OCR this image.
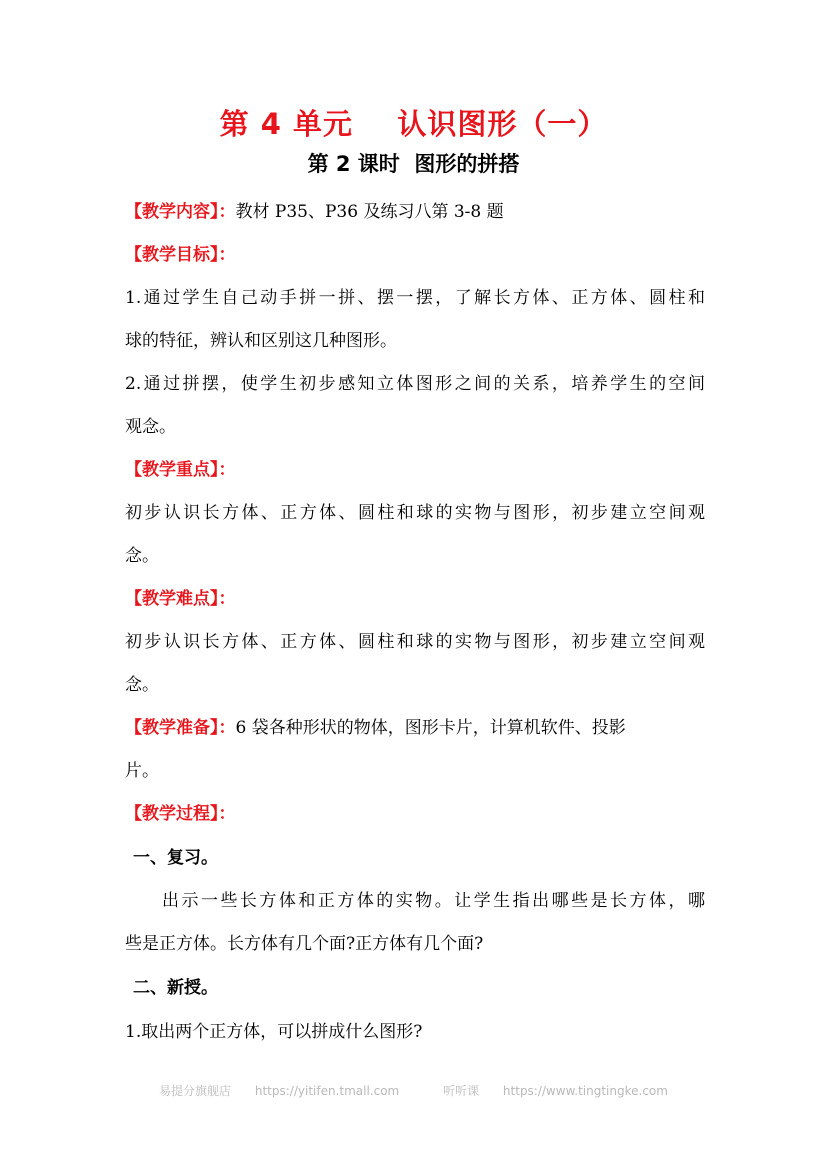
第 4 单元    认识图形（一）
第 2 课时  图形的拼搭
【教学内容】：教材 P35、P36 及练习八第 3-8 题
【教学目标】：
1.通过学生自己动手拼一拼、摆一摆，了解长方体、正方体、圆柱和
球的特征，辨认和区别这几种图形。
2.通过拼摆，使学生初步感知立体图形之间的关系，培养学生的空间
观念。
【教学重点】：
初步认识长方体、正方体、圆柱和球的实物与图形，初步建立空间观
念。
【教学难点】：
初步认识长方体、正方体、圆柱和球的实物与图形，初步建立空间观
念。
【教学准备】：6 袋各种形状的物体，图形卡片，计算机软件、投影
片。
【教学过程】：
一、复习。
出示一些长方体和正方体的实物。让学生指出哪些是长方体，哪
些是正方体。长方体有几个面?正方体有几个面?
二、新授。
1.取出两个正方体，可以拼成什么图形?
易提分旗舰店 https://yitifen.tmall.com	听听课 https://www.tingtingke.com
